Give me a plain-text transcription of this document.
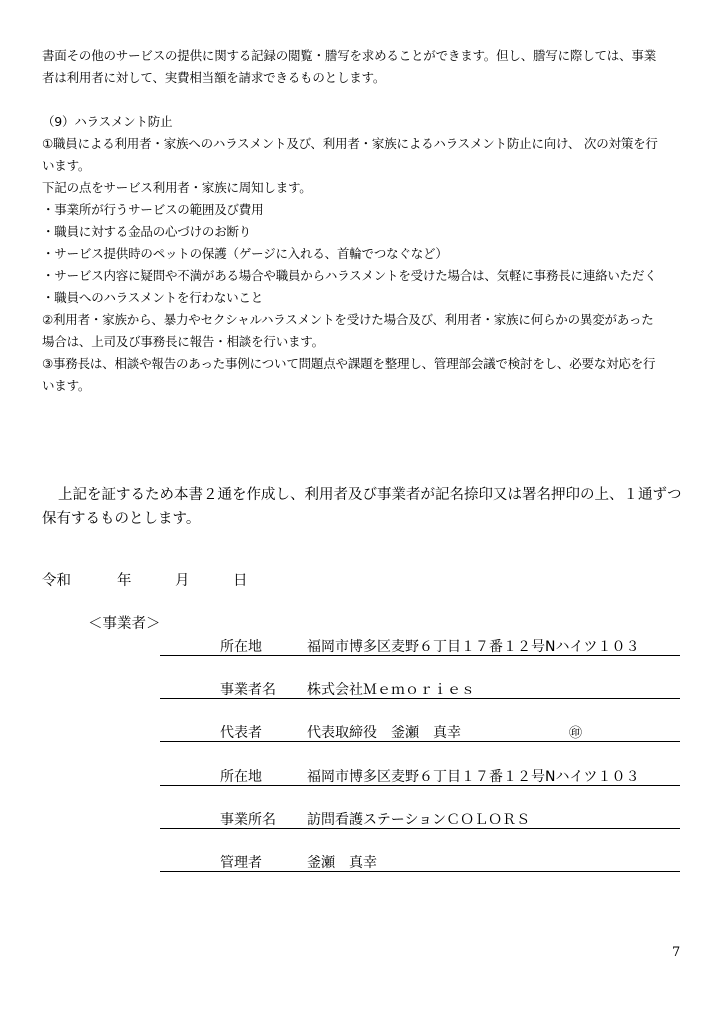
書面その他のサービスの提供に関する記録の閲覧・謄写を求めることができます。但し、謄写に際しては、事業
者は利用者に対して、実費相当額を請求できるものとします。
（9）ハラスメント防止
①職員による利用者・家族へのハラスメント及び、利用者・家族によるハラスメント防止に向け、 次の対策を行
います。
下記の点をサービス利用者・家族に周知します。
・事業所が行うサービスの範囲及び費用
・職員に対する金品の心づけのお断り
・サービス提供時のペットの保護（ゲージに入れる、首輪でつなぐなど）
・サービス内容に疑問や不満がある場合や職員からハラスメントを受けた場合は、気軽に事務長に連絡いただく
・職員へのハラスメントを行わないこと
②利用者・家族から、暴力やセクシャルハラスメントを受けた場合及び、利用者・家族に何らかの異変があった
場合は、上司及び事務長に報告・相談を行います。
③事務長は、相談や報告のあった事例について問題点や課題を整理し、管理部会議で検討をし、必要な対応を行
います。
上記を証するため本書２通を作成し、利用者及び事業者が記名捺印又は署名押印の上、１通ずつ
保有するものとします。
令和	年	月	日
＜事業者＞
所在地	福岡市博多区麦野６丁目１７番１２号Nハイツ１０３
事業者名 株式会社Ｍｅｍｏｒｉｅｓ
代表者	代表取締役　釜瀬　真幸	㊞
所在地	福岡市博多区麦野６丁目１７番１２号Nハイツ１０３
事業所名 訪問看護ステーションＣＯＬＯＲＳ
管理者	釜瀬　真幸
7
